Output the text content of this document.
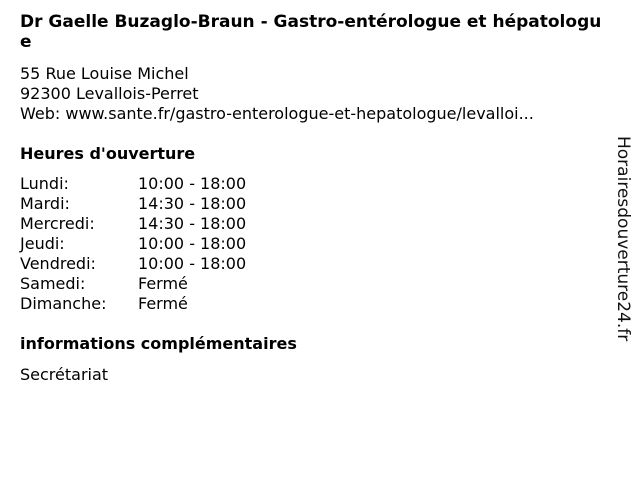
Dr Gaelle Buzaglo-Braun - Gastro-entérologue et hépatologue
55 Rue Louise Michel
92300 Levallois-Perret
Web: www.sante.fr/gastro-enterologue-et-hepatologue/levalloi...
Heures d'ouverture
Lundi:	10:00 - 18:00
Mardi:	14:30 - 18:00
Mercredi:	14:30 - 18:00
Jeudi:	10:00 - 18:00
Vendredi:	10:00 - 18:00
Samedi:	Fermé
Dimanche:	Fermé
informations complémentaires
Secrétariat
Horairesdouverture24.fr
